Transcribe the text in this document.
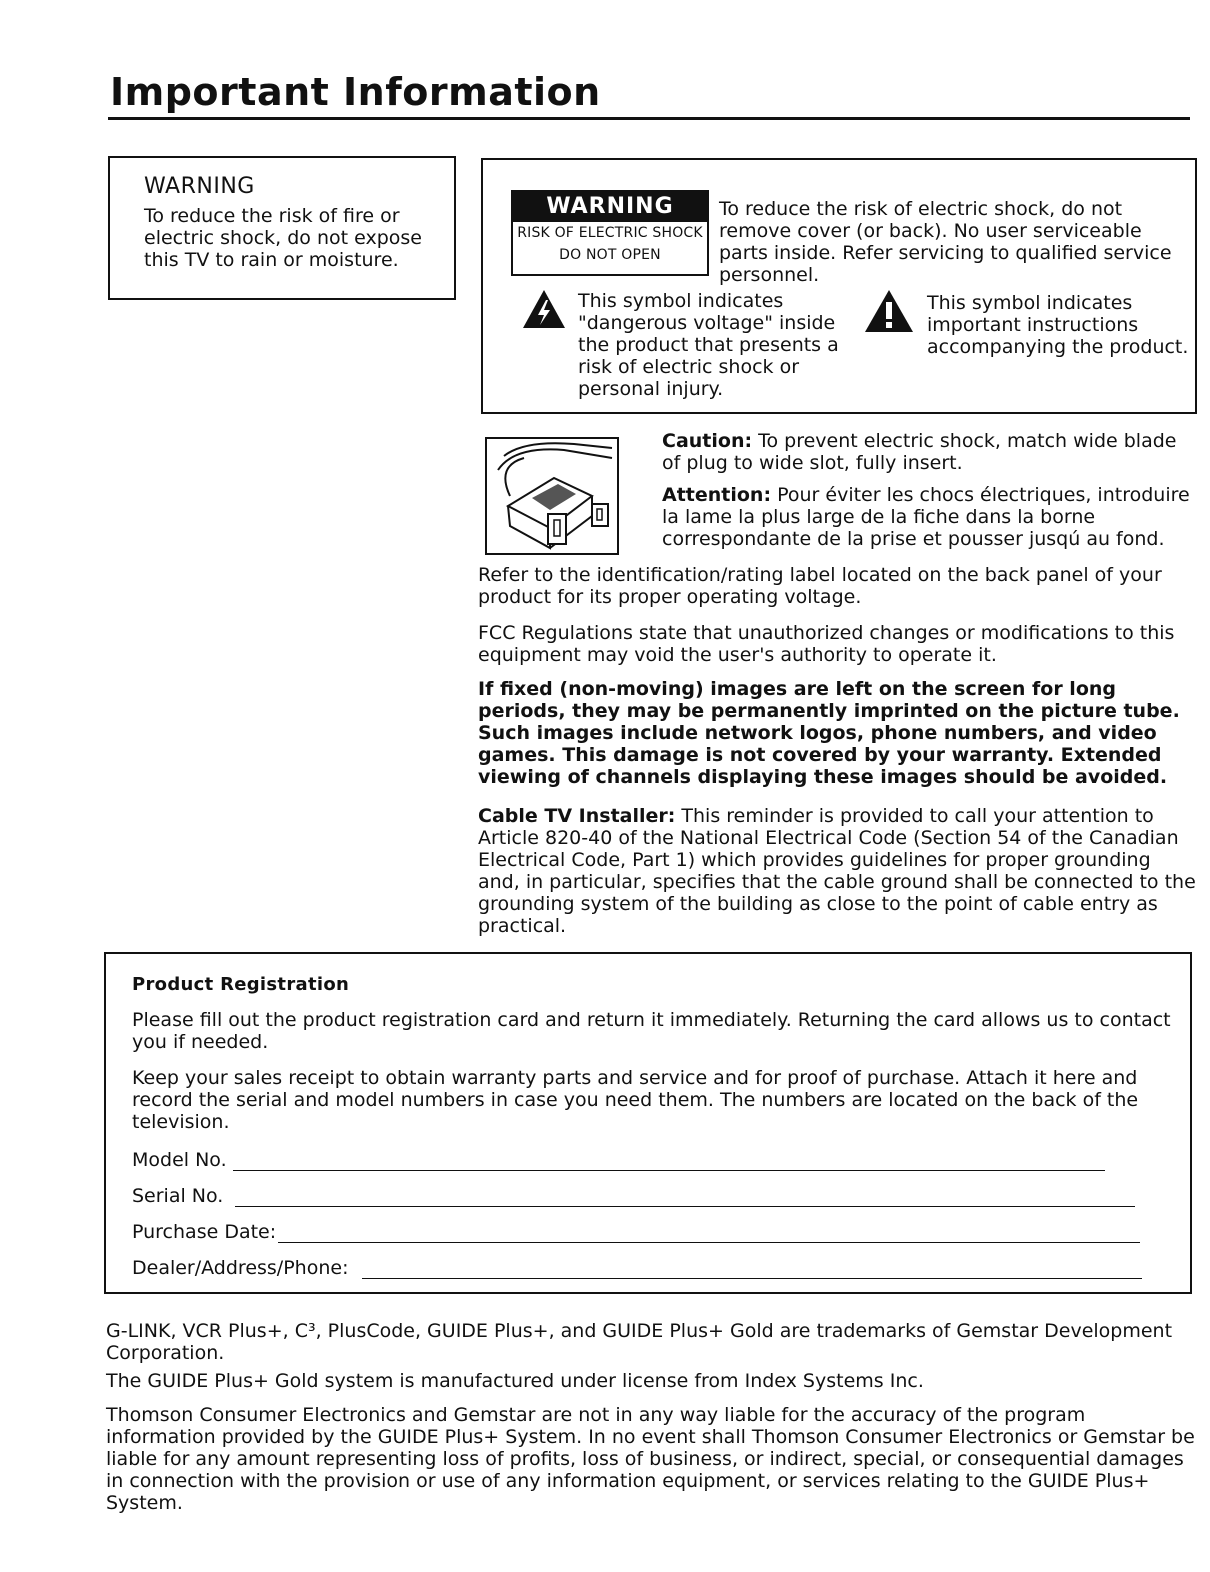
Important Information
WARNING

To reduce the risk of fire or electric shock, do not expose this TV to rain or moisture.

WARNING
RISK OF ELECTRIC SHOCK
DO NOT OPEN

To reduce the risk of electric shock, do not remove cover (or back). No user serviceable parts inside. Refer servicing to qualified service personnel.

This symbol indicates "dangerous voltage" inside the product that presents a risk of electric shock or personal injury.

This symbol indicates important instructions accompanying the product.

Caution: To prevent electric shock, match wide blade of plug to wide slot, fully insert.

Attention: Pour éviter les chocs électriques, introduire la lame la plus large de la fiche dans la borne correspondante de la prise et pousser jusqú au fond.

Refer to the identification/rating label located on the back panel of your product for its proper operating voltage.

FCC Regulations state that unauthorized changes or modifications to this equipment may void the user's authority to operate it.

If fixed (non-moving) images are left on the screen for long periods, they may be permanently imprinted on the picture tube. Such images include network logos, phone numbers, and video games. This damage is not covered by your warranty. Extended viewing of channels displaying these images should be avoided.

Cable TV Installer: This reminder is provided to call your attention to Article 820-40 of the National Electrical Code (Section 54 of the Canadian Electrical Code, Part 1) which provides guidelines for proper grounding and, in particular, specifies that the cable ground shall be connected to the grounding system of the building as close to the point of cable entry as practical.

Product Registration

Please fill out the product registration card and return it immediately. Returning the card allows us to contact you if needed.

Keep your sales receipt to obtain warranty parts and service and for proof of purchase. Attach it here and record the serial and model numbers in case you need them. The numbers are located on the back of the television.

Model No.
Serial No.
Purchase Date:
Dealer/Address/Phone:

G-LINK, VCR Plus+, C³, PlusCode, GUIDE Plus+, and GUIDE Plus+ Gold are trademarks of Gemstar Development Corporation.

The GUIDE Plus+ Gold system is manufactured under license from Index Systems Inc.

Thomson Consumer Electronics and Gemstar are not in any way liable for the accuracy of the program information provided by the GUIDE Plus+ System. In no event shall Thomson Consumer Electronics or Gemstar be liable for any amount representing loss of profits, loss of business, or indirect, special, or consequential damages in connection with the provision or use of any information equipment, or services relating to the GUIDE Plus+ System.
